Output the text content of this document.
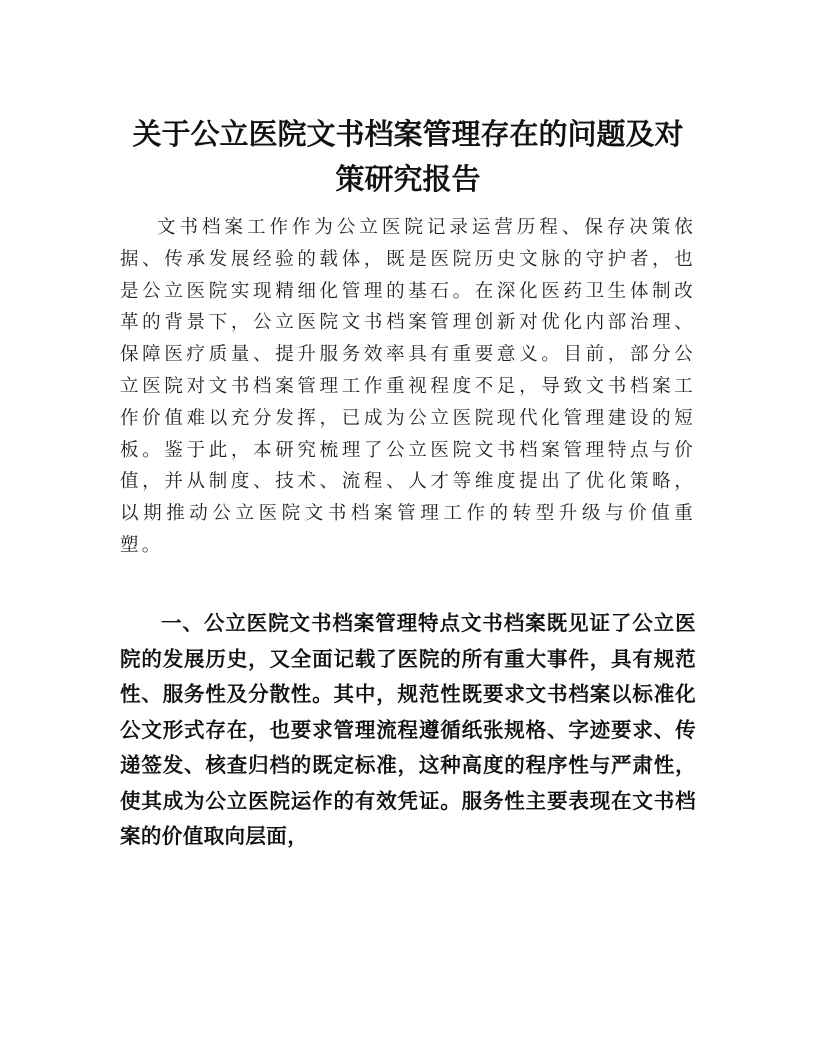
关于公立医院文书档案管理存在的问题及对策研究报告

文书档案工作作为公立医院记录运营历程、保存决策依据、传承发展经验的载体，既是医院历史文脉的守护者，也是公立医院实现精细化管理的基石。在深化医药卫生体制改革的背景下，公立医院文书档案管理创新对优化内部治理、保障医疗质量、提升服务效率具有重要意义。目前，部分公立医院对文书档案管理工作重视程度不足，导致文书档案工作价值难以充分发挥，已成为公立医院现代化管理建设的短板。鉴于此，本研究梳理了公立医院文书档案管理特点与价值，并从制度、技术、流程、人才等维度提出了优化策略，以期推动公立医院文书档案管理工作的转型升级与价值重塑。

一、公立医院文书档案管理特点文书档案既见证了公立医院的发展历史，又全面记载了医院的所有重大事件，具有规范性、服务性及分散性。其中，规范性既要求文书档案以标准化公文形式存在，也要求管理流程遵循纸张规格、字迹要求、传递签发、核查归档的既定标准，这种高度的程序性与严肃性，使其成为公立医院运作的有效凭证。服务性主要表现在文书档案的价值取向层面，
